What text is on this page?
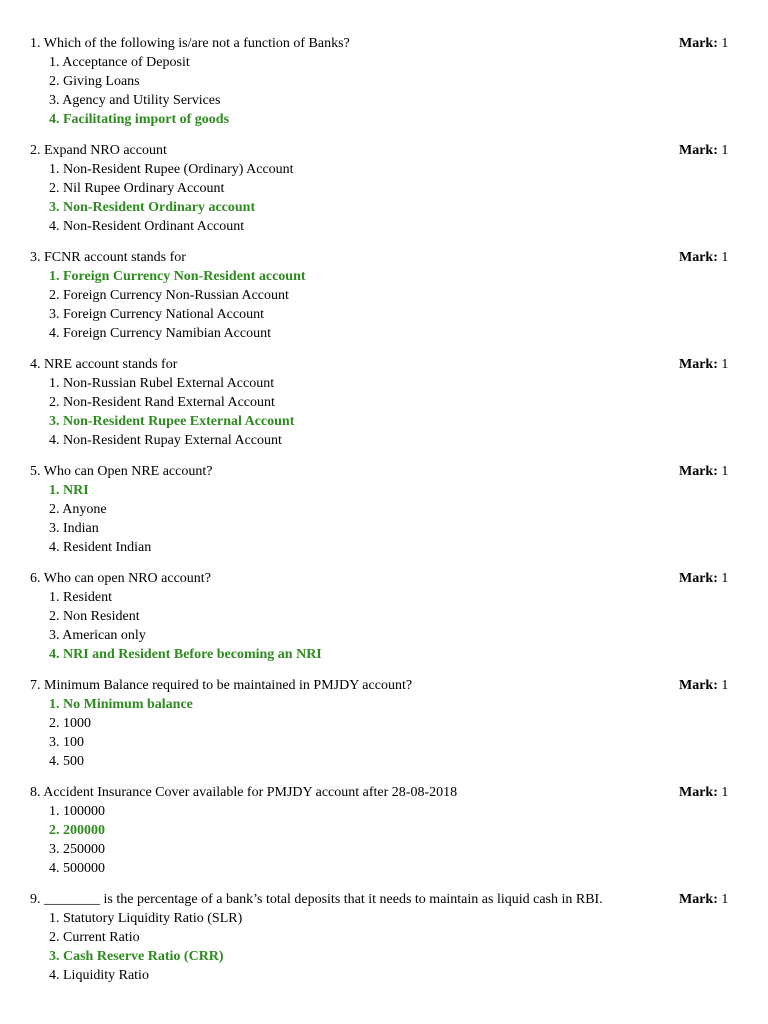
1. Which of the following is/are not a function of Banks?	Mark: 1
1. Acceptance of Deposit
2. Giving Loans
3. Agency and Utility Services
4. Facilitating import of goods
2. Expand NRO account	Mark: 1
1. Non-Resident Rupee (Ordinary) Account
2. Nil Rupee Ordinary Account
3. Non-Resident Ordinary account
4. Non-Resident Ordinant Account
3. FCNR account stands for	Mark: 1
1. Foreign Currency Non-Resident account
2. Foreign Currency Non-Russian Account
3. Foreign Currency National Account
4. Foreign Currency Namibian Account
4. NRE account stands for	Mark: 1
1. Non-Russian Rubel External Account
2. Non-Resident Rand External Account
3. Non-Resident Rupee External Account
4. Non-Resident Rupay External Account
5. Who can Open NRE account?	Mark: 1
1. NRI
2. Anyone
3. Indian
4. Resident Indian
6. Who can open NRO account?	Mark: 1
1. Resident
2. Non Resident
3. American only
4. NRI and Resident Before becoming an NRI
7. Minimum Balance required to be maintained in PMJDY account?	Mark: 1
1. No Minimum balance
2. 1000
3. 100
4. 500
8. Accident Insurance Cover available for PMJDY account after 28-08-2018	Mark: 1
1. 100000
2. 200000
3. 250000
4. 500000
9. ________ is the percentage of a bank’s total deposits that it needs to maintain as liquid cash in RBI.	Mark: 1
1. Statutory Liquidity Ratio (SLR)
2. Current Ratio
3. Cash Reserve Ratio (CRR)
4. Liquidity Ratio
